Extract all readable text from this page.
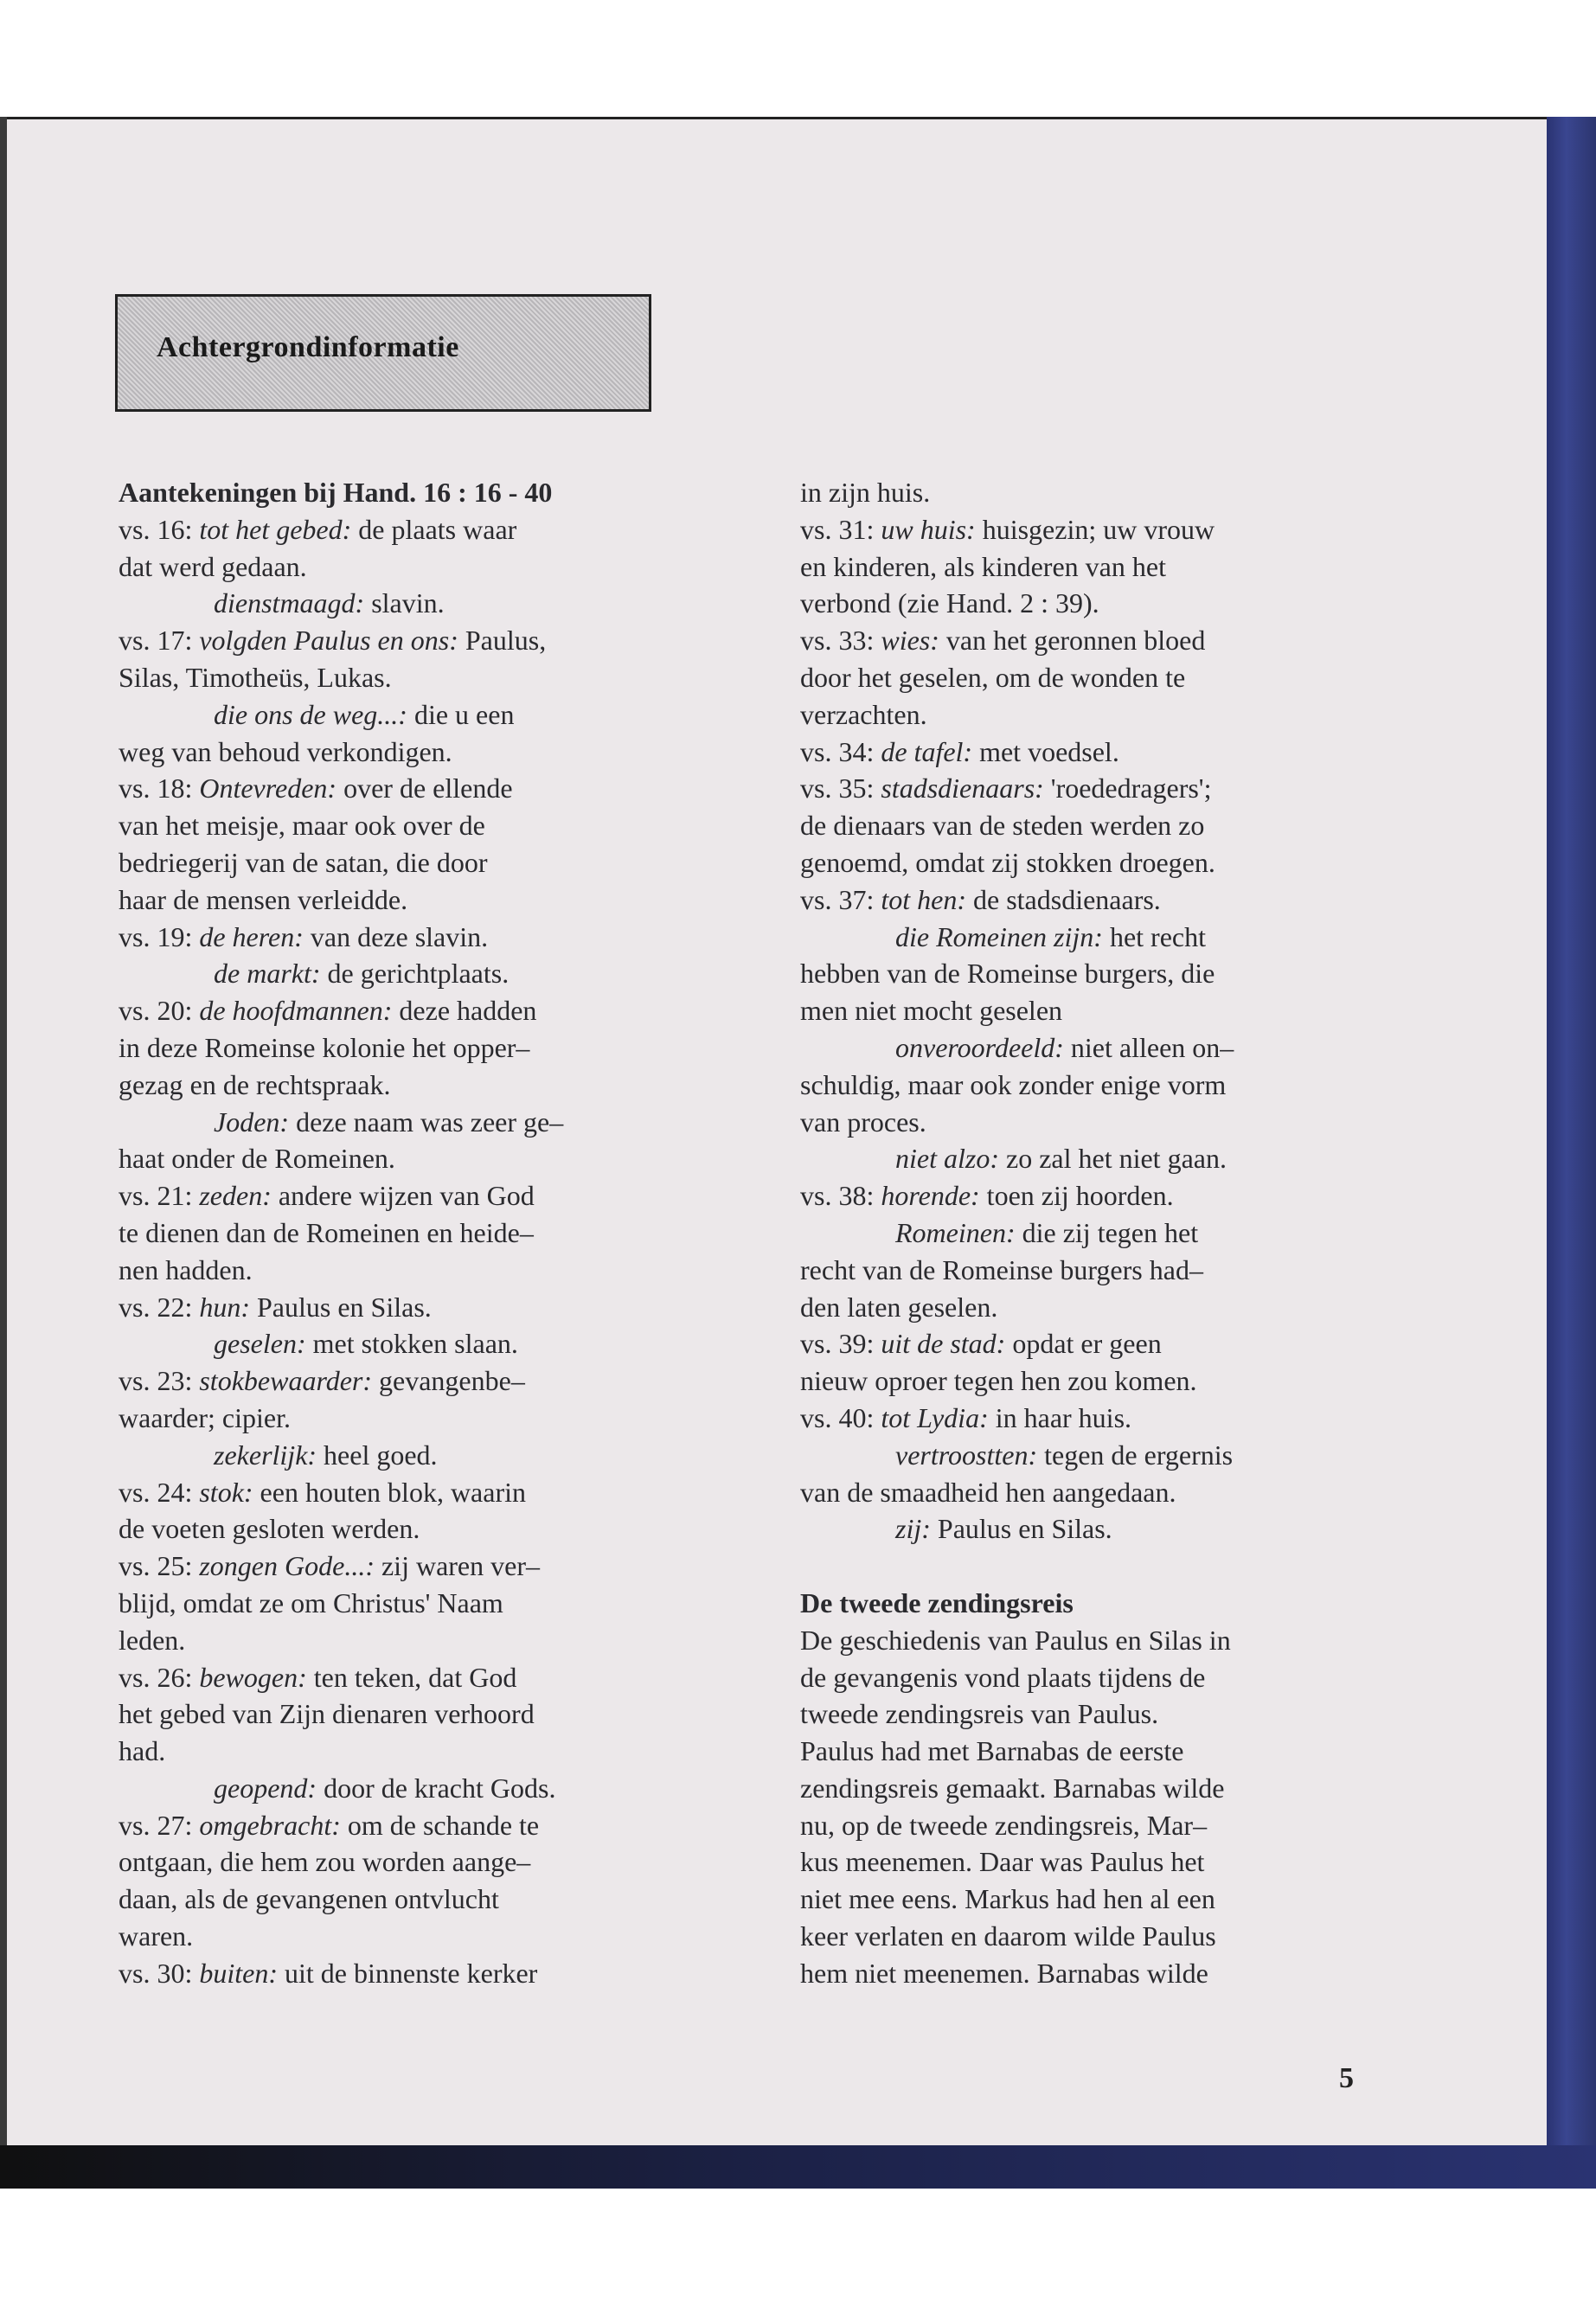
Achtergrondinformatie
Aantekeningen bij Hand. 16 : 16 - 40
vs. 16: tot het gebed: de plaats waar
dat werd gedaan.
dienstmaagd: slavin.
vs. 17: volgden Paulus en ons: Paulus,
Silas, Timotheüs, Lukas.
die ons de weg...: die u een
weg van behoud verkondigen.
vs. 18: Ontevreden: over de ellende
van het meisje, maar ook over de
bedriegerij van de satan, die door
haar de mensen verleidde.
vs. 19: de heren: van deze slavin.
de markt: de gerichtplaats.
vs. 20: de hoofdmannen: deze hadden
in deze Romeinse kolonie het opper–
gezag en de rechtspraak.
Joden: deze naam was zeer ge–
haat onder de Romeinen.
vs. 21: zeden: andere wijzen van God
te dienen dan de Romeinen en heide–
nen hadden.
vs. 22: hun: Paulus en Silas.
geselen: met stokken slaan.
vs. 23: stokbewaarder: gevangenbe–
waarder; cipier.
zekerlijk: heel goed.
vs. 24: stok: een houten blok, waarin
de voeten gesloten werden.
vs. 25: zongen Gode...: zij waren ver–
blijd, omdat ze om Christus' Naam
leden.
vs. 26: bewogen: ten teken, dat God
het gebed van Zijn dienaren verhoord
had.
geopend: door de kracht Gods.
vs. 27: omgebracht: om de schande te
ontgaan, die hem zou worden aange–
daan, als de gevangenen ontvlucht
waren.
vs. 30: buiten: uit de binnenste kerker
in zijn huis.
vs. 31: uw huis: huisgezin; uw vrouw
en kinderen, als kinderen van het
verbond (zie Hand. 2 : 39).
vs. 33: wies: van het geronnen bloed
door het geselen, om de wonden te
verzachten.
vs. 34: de tafel: met voedsel.
vs. 35: stadsdienaars: 'roededragers';
de dienaars van de steden werden zo
genoemd, omdat zij stokken droegen.
vs. 37: tot hen: de stadsdienaars.
die Romeinen zijn: het recht
hebben van de Romeinse burgers, die
men niet mocht geselen
onveroordeeld: niet alleen on–
schuldig, maar ook zonder enige vorm
van proces.
niet alzo: zo zal het niet gaan.
vs. 38: horende: toen zij hoorden.
Romeinen: die zij tegen het
recht van de Romeinse burgers had–
den laten geselen.
vs. 39: uit de stad: opdat er geen
nieuw oproer tegen hen zou komen.
vs. 40: tot Lydia: in haar huis.
vertroostten: tegen de ergernis
van de smaadheid hen aangedaan.
zij: Paulus en Silas.
De tweede zendingsreis
De geschiedenis van Paulus en Silas in
de gevangenis vond plaats tijdens de
tweede zendingsreis van Paulus.
Paulus had met Barnabas de eerste
zendingsreis gemaakt. Barnabas wilde
nu, op de tweede zendingsreis, Mar–
kus meenemen. Daar was Paulus het
niet mee eens. Markus had hen al een
keer verlaten en daarom wilde Paulus
hem niet meenemen. Barnabas wilde
5
